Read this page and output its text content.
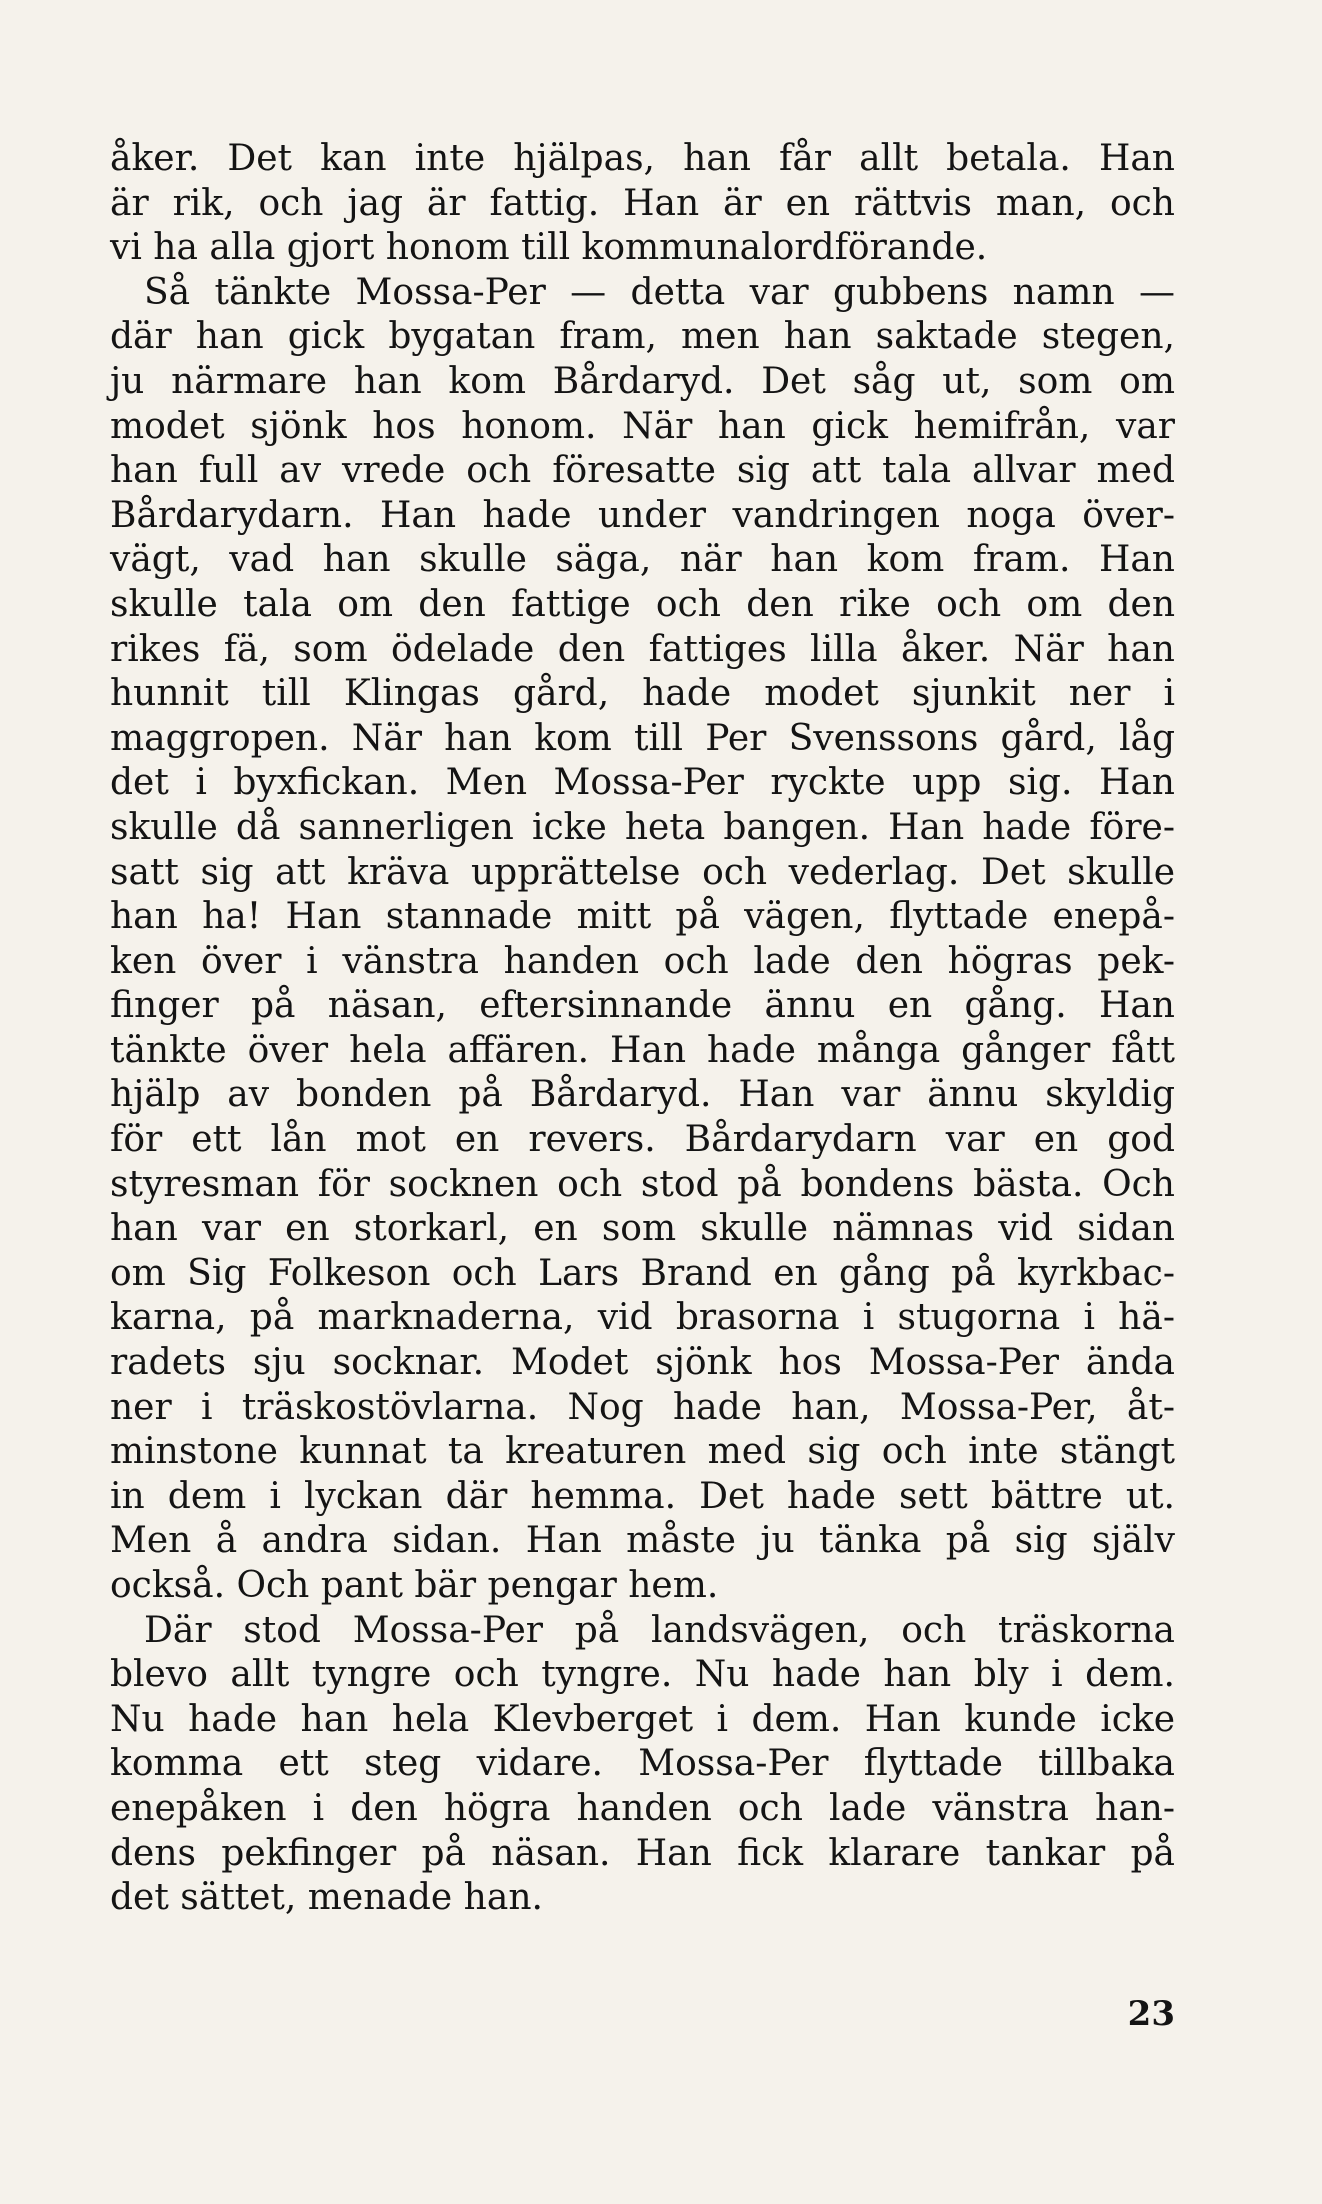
åker. Det kan inte hjälpas, han får allt betala. Han
är rik, och jag är fattig. Han är en rättvis man, och
vi ha alla gjort honom till kommunalordförande.
Så tänkte Mossa-Per — detta var gubbens namn —
där han gick bygatan fram, men han saktade stegen,
ju närmare han kom Bårdaryd. Det såg ut, som om
modet sjönk hos honom. När han gick hemifrån, var
han full av vrede och föresatte sig att tala allvar med
Bårdarydarn. Han hade under vandringen noga över-
vägt, vad han skulle säga, när han kom fram. Han
skulle tala om den fattige och den rike och om den
rikes fä, som ödelade den fattiges lilla åker. När han
hunnit till Klingas gård, hade modet sjunkit ner i
maggropen. När han kom till Per Svenssons gård, låg
det i byxfickan. Men Mossa-Per ryckte upp sig. Han
skulle då sannerligen icke heta bangen. Han hade före-
satt sig att kräva upprättelse och vederlag. Det skulle
han ha! Han stannade mitt på vägen, flyttade enepå-
ken över i vänstra handen och lade den högras pek-
finger på näsan, eftersinnande ännu en gång. Han
tänkte över hela affären. Han hade många gånger fått
hjälp av bonden på Bårdaryd. Han var ännu skyldig
för ett lån mot en revers. Bårdarydarn var en god
styresman för socknen och stod på bondens bästa. Och
han var en storkarl, en som skulle nämnas vid sidan
om Sig Folkeson och Lars Brand en gång på kyrkbac-
karna, på marknaderna, vid brasorna i stugorna i hä-
radets sju socknar. Modet sjönk hos Mossa-Per ända
ner i träskostövlarna. Nog hade han, Mossa-Per, åt-
minstone kunnat ta kreaturen med sig och inte stängt
in dem i lyckan där hemma. Det hade sett bättre ut.
Men å andra sidan. Han måste ju tänka på sig själv
också. Och pant bär pengar hem.
Där stod Mossa-Per på landsvägen, och träskorna
blevo allt tyngre och tyngre. Nu hade han bly i dem.
Nu hade han hela Klevberget i dem. Han kunde icke
komma ett steg vidare. Mossa-Per flyttade tillbaka
enepåken i den högra handen och lade vänstra han-
dens pekfinger på näsan. Han fick klarare tankar på
det sättet, menade han.
23
